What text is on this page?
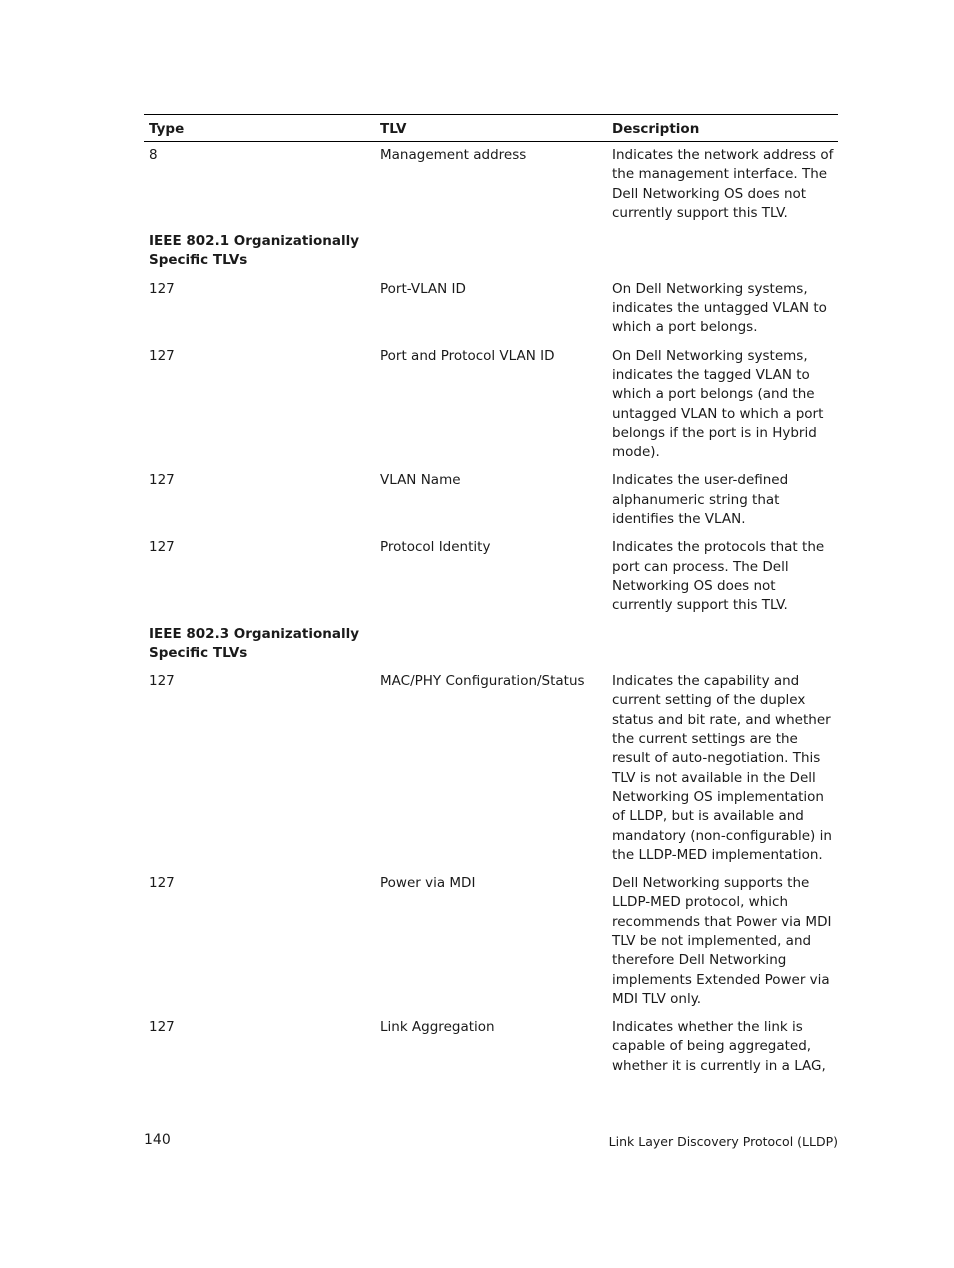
Type	TLV	Description
8	Management address	Indicates the network address of the management interface. The Dell Networking OS does not currently support this TLV.
IEEE 802.1 Organizationally Specific TLVs
127	Port-VLAN ID	On Dell Networking systems, indicates the untagged VLAN to which a port belongs.
127	Port and Protocol VLAN ID	On Dell Networking systems, indicates the tagged VLAN to which a port belongs (and the untagged VLAN to which a port belongs if the port is in Hybrid mode).
127	VLAN Name	Indicates the user-defined alphanumeric string that identifies the VLAN.
127	Protocol Identity	Indicates the protocols that the port can process. The Dell Networking OS does not currently support this TLV.
IEEE 802.3 Organizationally Specific TLVs
127	MAC/PHY Configuration/Status	Indicates the capability and current setting of the duplex status and bit rate, and whether the current settings are the result of auto-negotiation. This TLV is not available in the Dell Networking OS implementation of LLDP, but is available and mandatory (non-configurable) in the LLDP-MED implementation.
127	Power via MDI	Dell Networking supports the LLDP-MED protocol, which recommends that Power via MDI TLV be not implemented, and therefore Dell Networking implements Extended Power via MDI TLV only.
127	Link Aggregation	Indicates whether the link is capable of being aggregated, whether it is currently in a LAG,
140	Link Layer Discovery Protocol (LLDP)
